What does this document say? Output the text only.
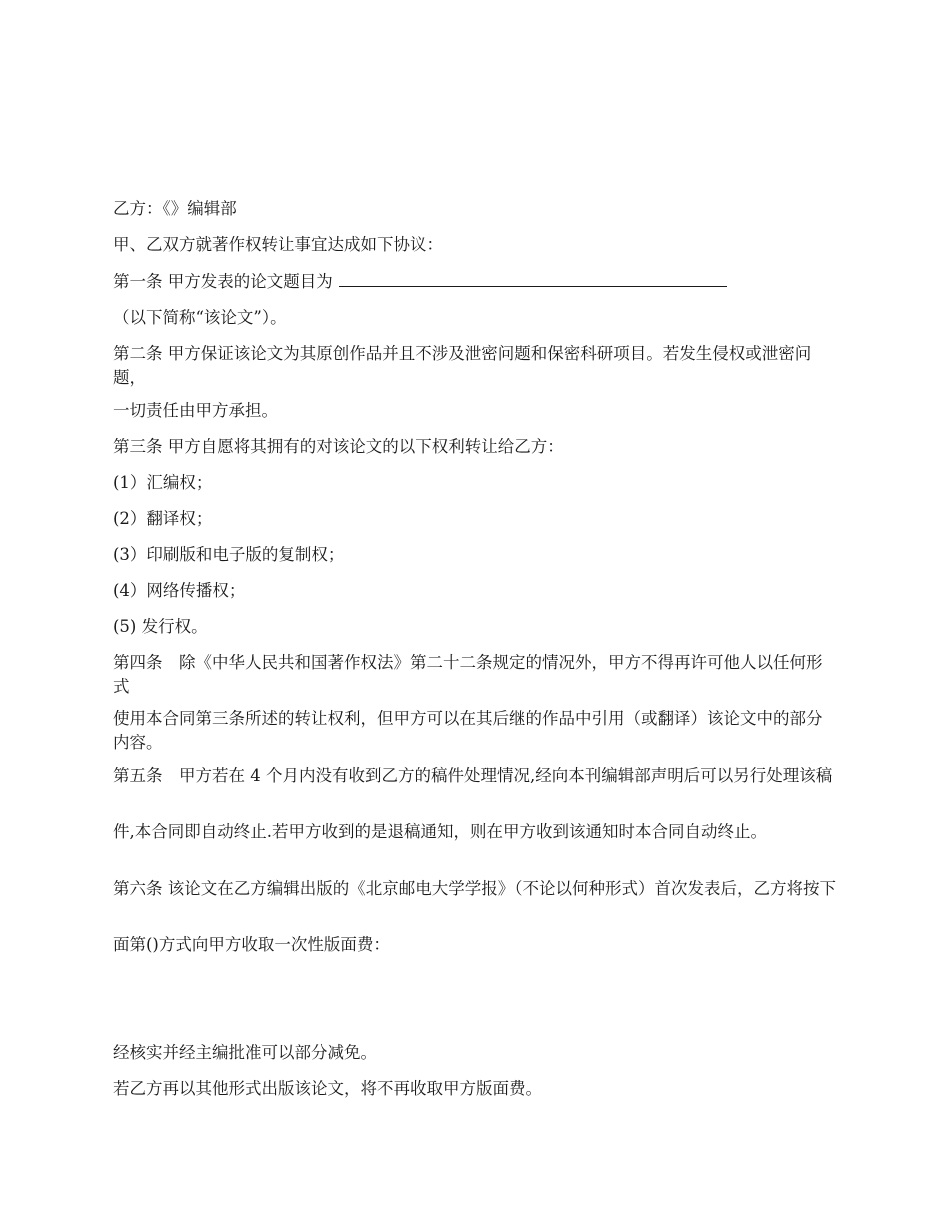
乙方：《》编辑部

甲、乙双方就著作权转让事宜达成如下协议：

第一条 甲方发表的论文题目为

（以下简称“该论文”）。

第二条 甲方保证该论文为其原创作品并且不涉及泄密问题和保密科研项目。若发生侵权或泄密问题，

一切责任由甲方承担。

第三条 甲方自愿将其拥有的对该论文的以下权利转让给乙方：

(1）汇编权；

(2）翻译权；

(3）印刷版和电子版的复制权；

(4）网络传播权；

(5) 发行权。

第四条　除《中华人民共和国著作权法》第二十二条规定的情况外，甲方不得再许可他人以任何形式

使用本合同第三条所述的转让权利，但甲方可以在其后继的作品中引用（或翻译）该论文中的部分内容。

第五条　甲方若在 4 个月内没有收到乙方的稿件处理情况,经向本刊编辑部声明后可以另行处理该稿

件,本合同即自动终止.若甲方收到的是退稿通知，则在甲方收到该通知时本合同自动终止。

第六条 该论文在乙方编辑出版的《北京邮电大学学报》（不论以何种形式）首次发表后，乙方将按下

面第()方式向甲方收取一次性版面费：

经核实并经主编批准可以部分减免。

若乙方再以其他形式出版该论文，将不再收取甲方版面费。
